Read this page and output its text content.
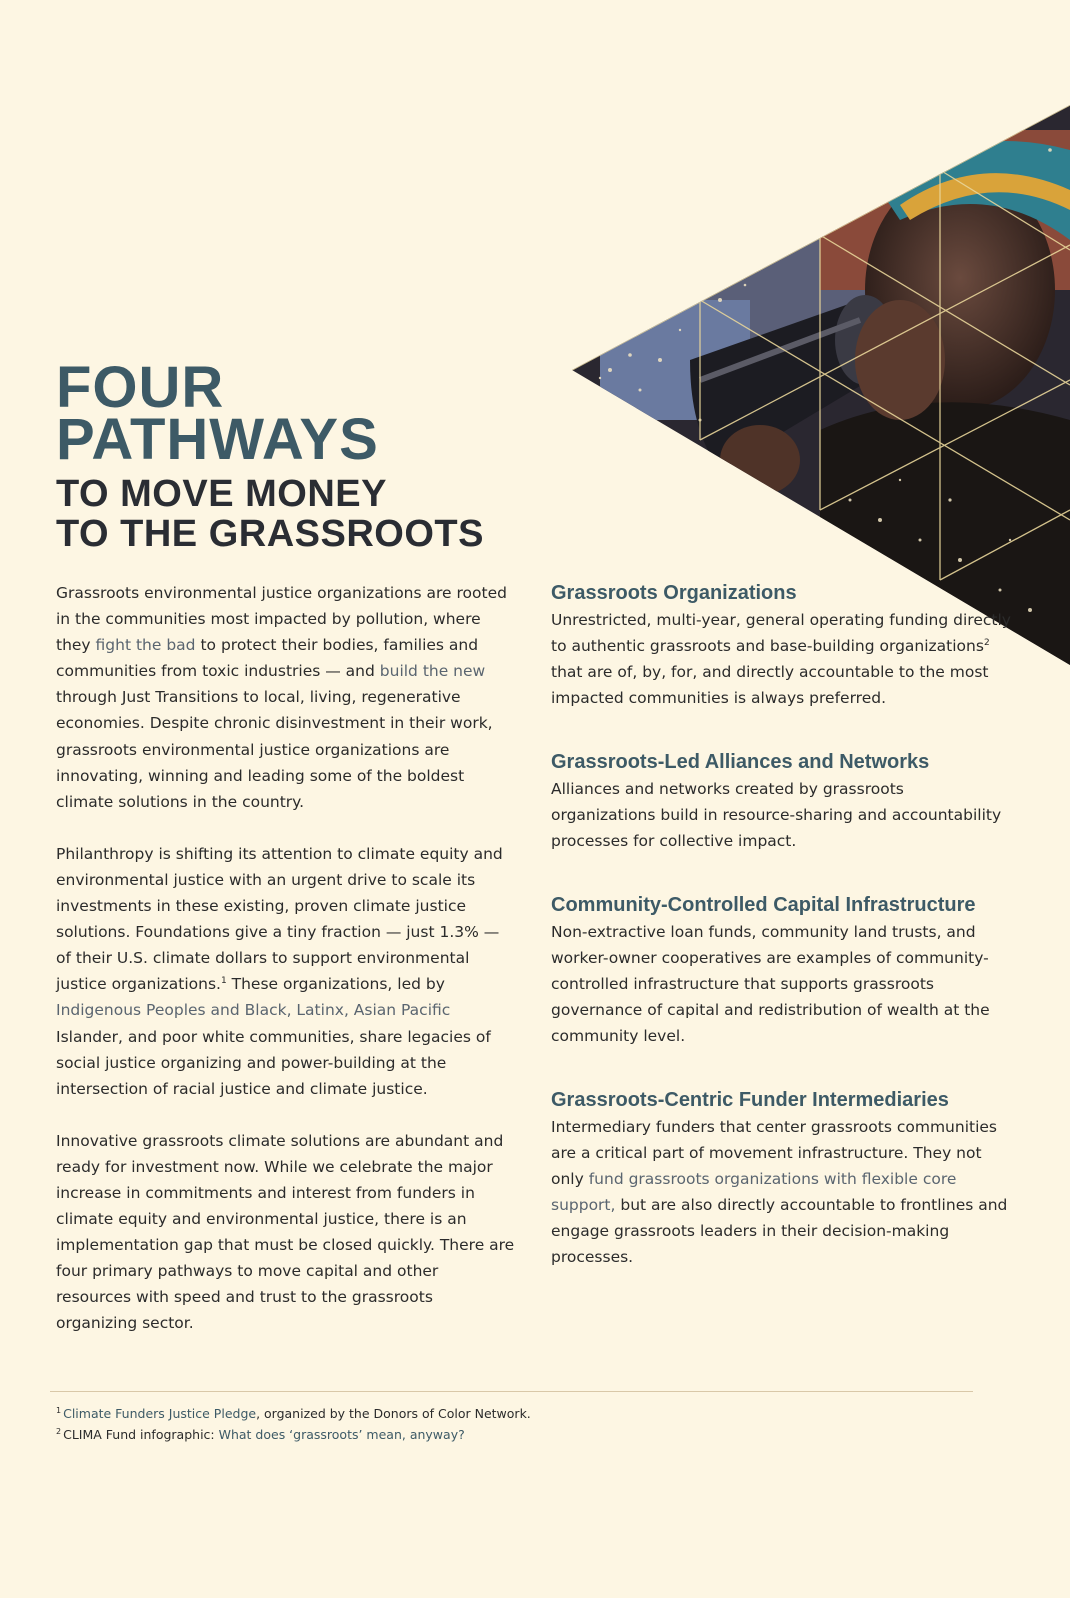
FOUR
PATHWAYS
TO MOVE MONEY
TO THE GRASSROOTS

Grassroots environmental justice organizations are rooted in the communities most impacted by pollution, where they fight the bad to protect their bodies, families and communities from toxic industries — and build the new through Just Transitions to local, living, regenerative economies. Despite chronic disinvestment in their work, grassroots environmental justice organizations are innovating, winning and leading some of the boldest climate solutions in the country.

Philanthropy is shifting its attention to climate equity and environmental justice with an urgent drive to scale its investments in these existing, proven climate justice solutions. Foundations give a tiny fraction — just 1.3% — of their U.S. climate dollars to support environmental justice organizations.$^1$ These organizations, led by Indigenous Peoples and Black, Latinx, Asian Pacific Islander, and poor white communities, share legacies of social justice organizing and power-building at the intersection of racial justice and climate justice.

Innovative grassroots climate solutions are abundant and ready for investment now. While we celebrate the major increase in commitments and interest from funders in climate equity and environmental justice, there is an implementation gap that must be closed quickly. There are four primary pathways to move capital and other resources with speed and trust to the grassroots organizing sector.

Grassroots Organizations

Unrestricted, multi-year, general operating funding directly to authentic grassroots and base-building organizations$^2$ that are of, by, for, and directly accountable to the most impacted communities is always preferred.

Grassroots-Led Alliances and Networks

Alliances and networks created by grassroots organizations build in resource-sharing and accountability processes for collective impact.

Community-Controlled Capital Infrastructure

Non-extractive loan funds, community land trusts, and worker-owner cooperatives are examples of community-controlled infrastructure that supports grassroots governance of capital and redistribution of wealth at the community level.

Grassroots-Centric Funder Intermediaries

Intermediary funders that center grassroots communities are a critical part of movement infrastructure. They not only fund grassroots organizations with flexible core support, but are also directly accountable to frontlines and engage grassroots leaders in their decision-making processes.

$^1$ Climate Funders Justice Pledge, organized by the Donors of Color Network.
$^2$ CLIMA Fund infographic: What does ‘grassroots’ mean, anyway?
